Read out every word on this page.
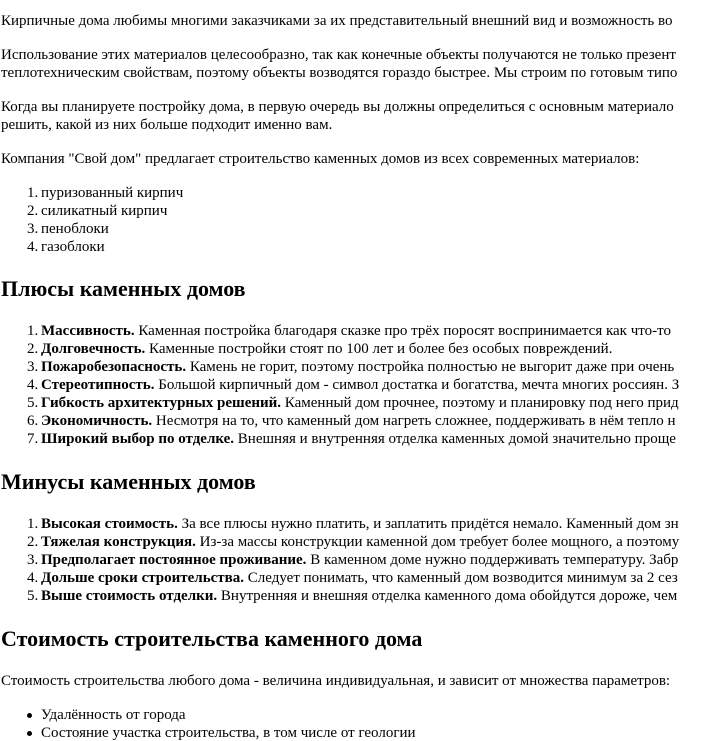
Кирпичные дома любимы многими заказчиками за их представительный внешний вид и возможность во

Использование этих материалов целесообразно, так как конечные объекты получаются не только презент
теплотехническим свойствам, поэтому объекты возводятся гораздо быстрее. Мы строим по готовым типо

Когда вы планируете постройку дома, в первую очередь вы должны определиться с основным материало
решить, какой из них больше подходит именно вам.

Компания "Свой дом" предлагает строительство каменных домов из всех современных материалов:

1. пуризованный кирпич
2. силикатный кирпич
3. пеноблоки
4. газоблоки
Плюсы каменных домов
1. Массивность. Каменная постройка благодаря сказке про трёх поросят воспринимается как что-то
2. Долговечность. Каменные постройки стоят по 100 лет и более без особых повреждений.
3. Пожаробезопасность. Камень не горит, поэтому постройка полностью не выгорит даже при очень
4. Стереотипность. Большой кирпичный дом - символ достатка и богатства, мечта многих россиян. З
5. Гибкость архитектурных решений. Каменный дом прочнее, поэтому и планировку под него прид
6. Экономичность. Несмотря на то, что каменный дом нагреть сложнее, поддерживать в нём тепло н
7. Широкий выбор по отделке. Внешняя и внутренняя отделка каменных домой значительно проще
Минусы каменных домов
1. Высокая стоимость. За все плюсы нужно платить, и заплатить придётся немало. Каменный дом зн
2. Тяжелая конструкция. Из-за массы конструкции каменной дом требует более мощного, а поэтому
3. Предполагает постоянное проживание. В каменном доме нужно поддерживать температуру. Забр
4. Дольше сроки строительства. Следует понимать, что каменный дом возводится минимум за 2 сез
5. Выше стоимость отделки. Внутренняя и внешняя отделка каменного дома обойдутся дороже, чем
Стоимость строительства каменного дома

Стоимость строительства любого дома - величина индивидуальная, и зависит от множества параметров:

Удалённость от города
Состояние участка строительства, в том числе от геологии
